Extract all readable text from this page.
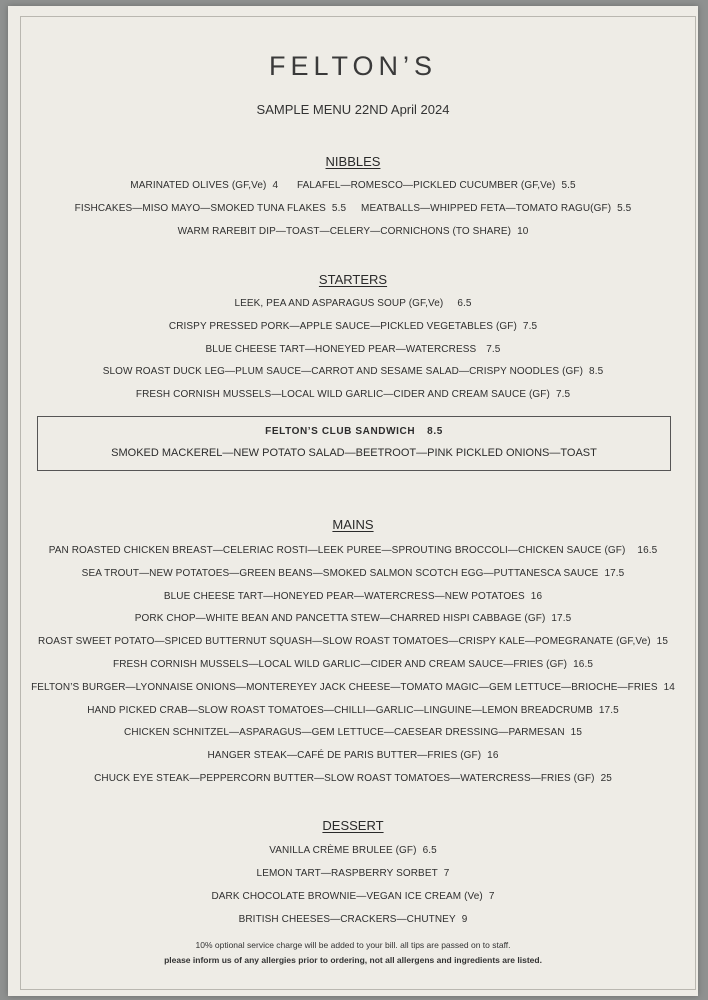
FELTON’S
SAMPLE MENU 22ND April 2024
NIBBLES
MARINATED OLIVES (GF,Ve) 4 FALAFEL—ROMESCO—PICKLED CUCUMBER (GF,Ve) 5.5
FISHCAKES—MISO MAYO—SMOKED TUNA FLAKES 5.5 MEATBALLS—WHIPPED FETA—TOMATO RAGU(GF) 5.5
WARM RAREBIT DIP—TOAST—CELERY—CORNICHONS (TO SHARE) 10
STARTERS
LEEK, PEA AND ASPARAGUS SOUP (GF,Ve) 6.5
CRISPY PRESSED PORK—APPLE SAUCE—PICKLED VEGETABLES (GF) 7.5
BLUE CHEESE TART—HONEYED PEAR—WATERCRESS 7.5
SLOW ROAST DUCK LEG—PLUM SAUCE—CARROT AND SESAME SALAD—CRISPY NOODLES (GF) 8.5
FRESH CORNISH MUSSELS—LOCAL WILD GARLIC—CIDER AND CREAM SAUCE (GF) 7.5
FELTON’S CLUB SANDWICH 8.5
SMOKED MACKEREL—NEW POTATO SALAD—BEETROOT—PINK PICKLED ONIONS—TOAST
MAINS
PAN ROASTED CHICKEN BREAST—CELERIAC ROSTI—LEEK PUREE—SPROUTING BROCCOLI—CHICKEN SAUCE (GF) 16.5
SEA TROUT—NEW POTATOES—GREEN BEANS—SMOKED SALMON SCOTCH EGG—PUTTANESCA SAUCE 17.5
BLUE CHEESE TART—HONEYED PEAR—WATERCRESS—NEW POTATOES 16
PORK CHOP—WHITE BEAN AND PANCETTA STEW—CHARRED HISPI CABBAGE (GF) 17.5
ROAST SWEET POTATO—SPICED BUTTERNUT SQUASH—SLOW ROAST TOMATOES—CRISPY KALE—POMEGRANATE (GF,Ve) 15
FRESH CORNISH MUSSELS—LOCAL WILD GARLIC—CIDER AND CREAM SAUCE—FRIES (GF) 16.5
FELTON’S BURGER—LYONNAISE ONIONS—MONTEREYEY JACK CHEESE—TOMATO MAGIC—GEM LETTUCE—BRIOCHE—FRIES 14
HAND PICKED CRAB—SLOW ROAST TOMATOES—CHILLI—GARLIC—LINGUINE—LEMON BREADCRUMB 17.5
CHICKEN SCHNITZEL—ASPARAGUS—GEM LETTUCE—CAESEAR DRESSING—PARMESAN 15
HANGER STEAK—CAFÉ DE PARIS BUTTER—FRIES (GF) 16
CHUCK EYE STEAK—PEPPERCORN BUTTER—SLOW ROAST TOMATOES—WATERCRESS—FRIES (GF) 25
DESSERT
VANILLA CRÈME BRULEE (GF) 6.5
LEMON TART—RASPBERRY SORBET 7
DARK CHOCOLATE BROWNIE—VEGAN ICE CREAM (Ve) 7
BRITISH CHEESES—CRACKERS—CHUTNEY 9
10% optional service charge will be added to your bill. all tips are passed on to staff.
please inform us of any allergies prior to ordering, not all allergens and ingredients are listed.
